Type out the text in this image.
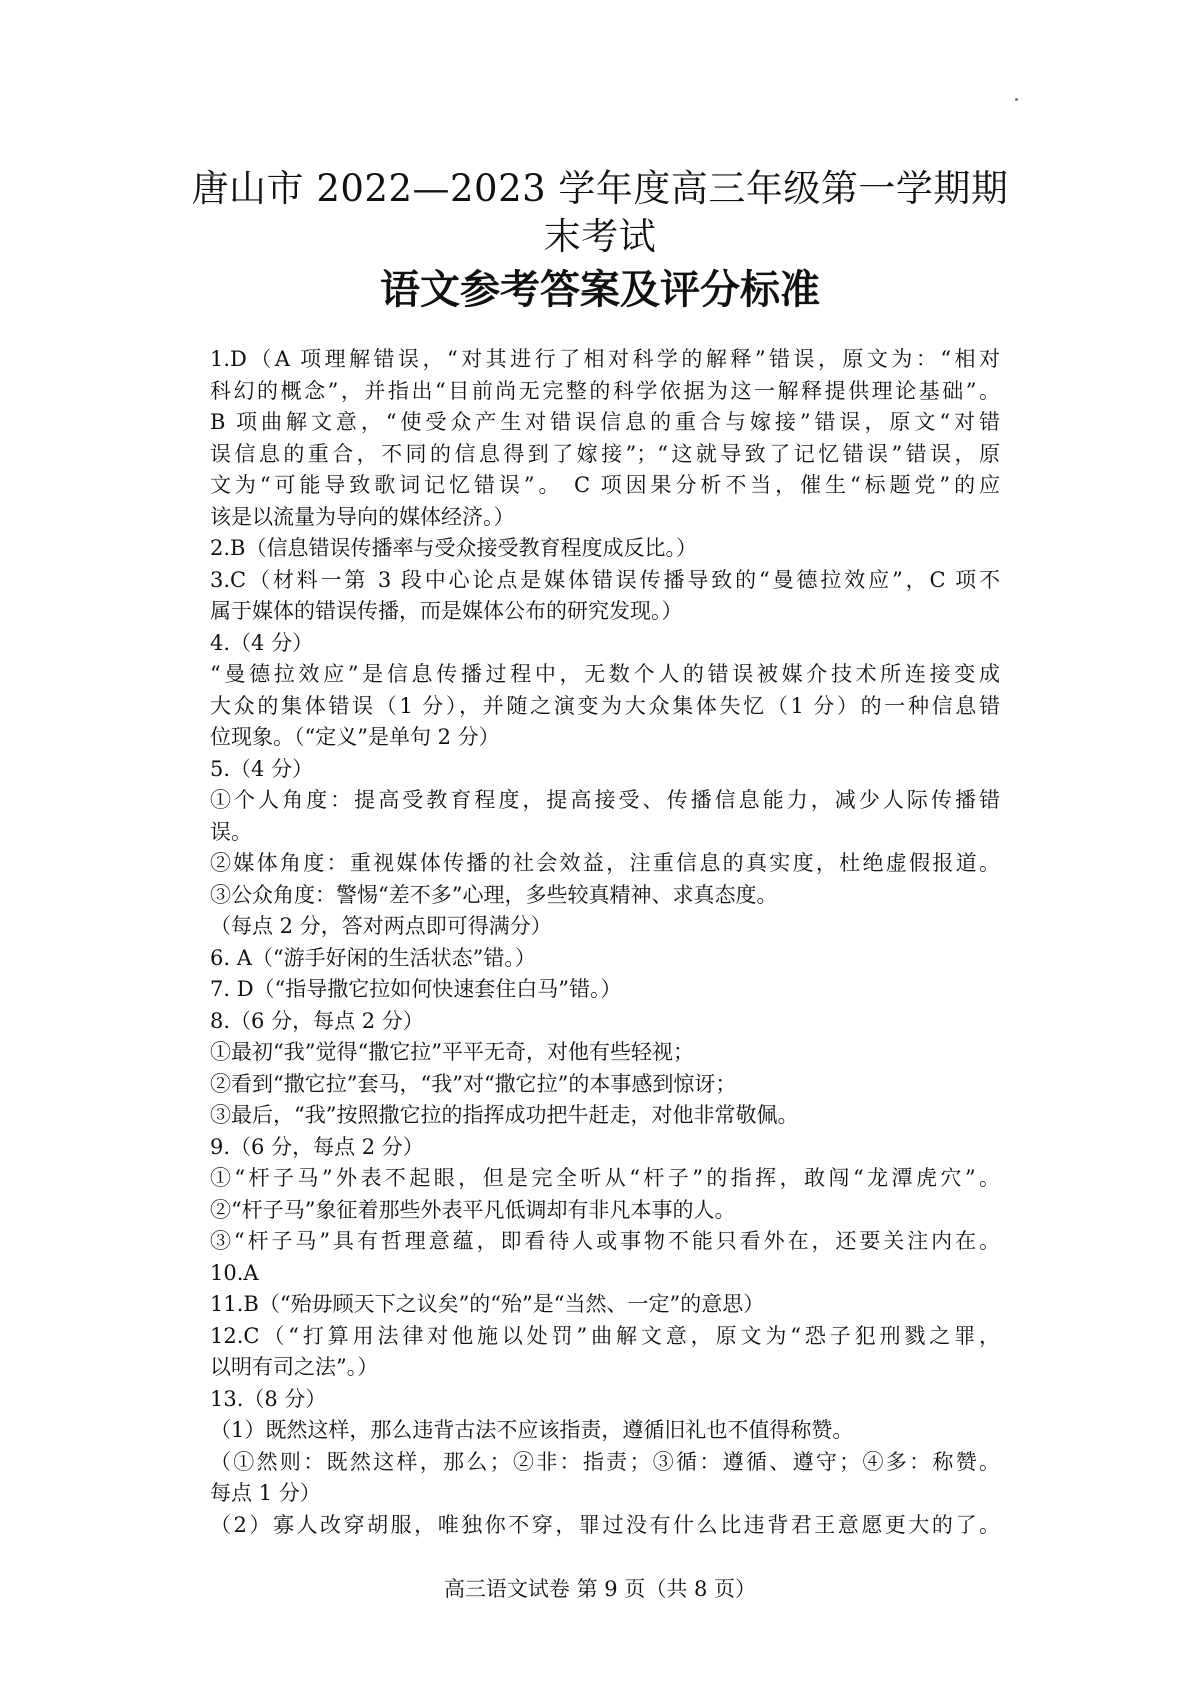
唐山市 2022—2023 学年度高三年级第一学期期末考试
语文参考答案及评分标准
1.D（A 项理解错误，“对其进行了相对科学的解释”错误，原文为：“相对
科幻的概念”，并指出“目前尚无完整的科学依据为这一解释提供理论基础”。
B 项曲解文意，“使受众产生对错误信息的重合与嫁接”错误，原文“对错
误信息的重合，不同的信息得到了嫁接”；“这就导致了记忆错误”错误，原
文为“可能导致歌词记忆错误”。 C 项因果分析不当，催生“标题党”的应
该是以流量为导向的媒体经济。）
2.B（信息错误传播率与受众接受教育程度成反比。）
3.C（材料一第 3 段中心论点是媒体错误传播导致的“曼德拉效应”，C 项不
属于媒体的错误传播，而是媒体公布的研究发现。）
4.（4 分）
“曼德拉效应”是信息传播过程中，无数个人的错误被媒介技术所连接变成
大众的集体错误（1 分），并随之演变为大众集体失忆（1 分）的一种信息错
位现象。（“定义”是单句 2 分）
5.（4 分）
①个人角度：提高受教育程度，提高接受、传播信息能力，减少人际传播错
误。
②媒体角度：重视媒体传播的社会效益，注重信息的真实度，杜绝虚假报道。
③公众角度：警惕“差不多”心理，多些较真精神、求真态度。
（每点 2 分，答对两点即可得满分）
6. A（“游手好闲的生活状态”错。）
7. D（“指导撒它拉如何快速套住白马”错。）
8.（6 分，每点 2 分）
①最初“我”觉得“撒它拉”平平无奇，对他有些轻视；
②看到“撒它拉”套马，“我”对“撒它拉”的本事感到惊讶；
③最后，“我”按照撒它拉的指挥成功把牛赶走，对他非常敬佩。
9.（6 分，每点 2 分）
①“杆子马”外表不起眼，但是完全听从“杆子”的指挥，敢闯“龙潭虎穴”。
②“杆子马”象征着那些外表平凡低调却有非凡本事的人。
③“杆子马”具有哲理意蕴，即看待人或事物不能只看外在，还要关注内在。
10.A
11.B（“殆毋顾天下之议矣”的“殆”是“当然、一定”的意思）
12.C（“打算用法律对他施以处罚”曲解文意，原文为“恐子犯刑戮之罪，
以明有司之法”。）
13.（8 分）
（1）既然这样，那么违背古法不应该指责，遵循旧礼也不值得称赞。
（①然则：既然这样，那么；②非：指责；③循：遵循、遵守；④多：称赞。
每点 1 分）
（2）寡人改穿胡服，唯独你不穿，罪过没有什么比违背君王意愿更大的了。
高三语文试卷 第 9 页（共 8 页）
